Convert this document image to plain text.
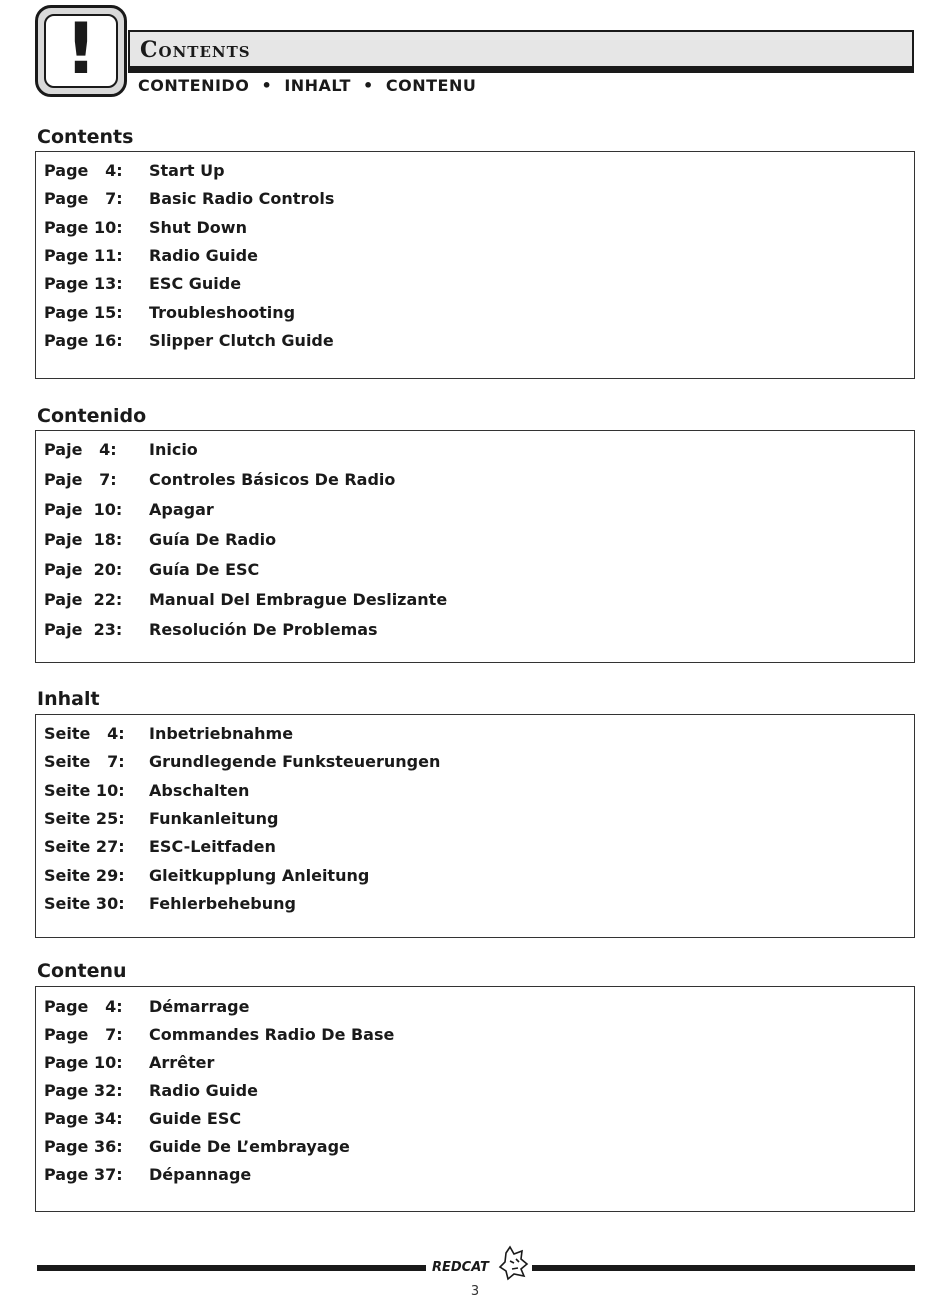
! Contents
CONTENIDO  •  INHALT  •  CONTENU
Contents
Page   4: Start Up
Page   7: Basic Radio Controls
Page 10: Shut Down
Page 11: Radio Guide
Page 13: ESC Guide
Page 15: Troubleshooting
Page 16: Slipper Clutch Guide
Contenido
Paje   4: Inicio
Paje   7: Controles Básicos De Radio
Paje  10: Apagar
Paje  18: Guía De Radio
Paje  20: Guía De ESC
Paje  22: Manual Del Embrague Deslizante
Paje  23: Resolución De Problemas
Inhalt
Seite   4: Inbetriebnahme
Seite   7: Grundlegende Funksteuerungen
Seite 10: Abschalten
Seite 25: Funkanleitung
Seite 27: ESC-Leitfaden
Seite 29: Gleitkupplung Anleitung
Seite 30: Fehlerbehebung
Contenu
Page   4: Démarrage
Page   7: Commandes Radio De Base
Page 10: Arrêter
Page 32: Radio Guide
Page 34: Guide ESC
Page 36: Guide De L’embrayage
Page 37: Dépannage
REDCAT
3
